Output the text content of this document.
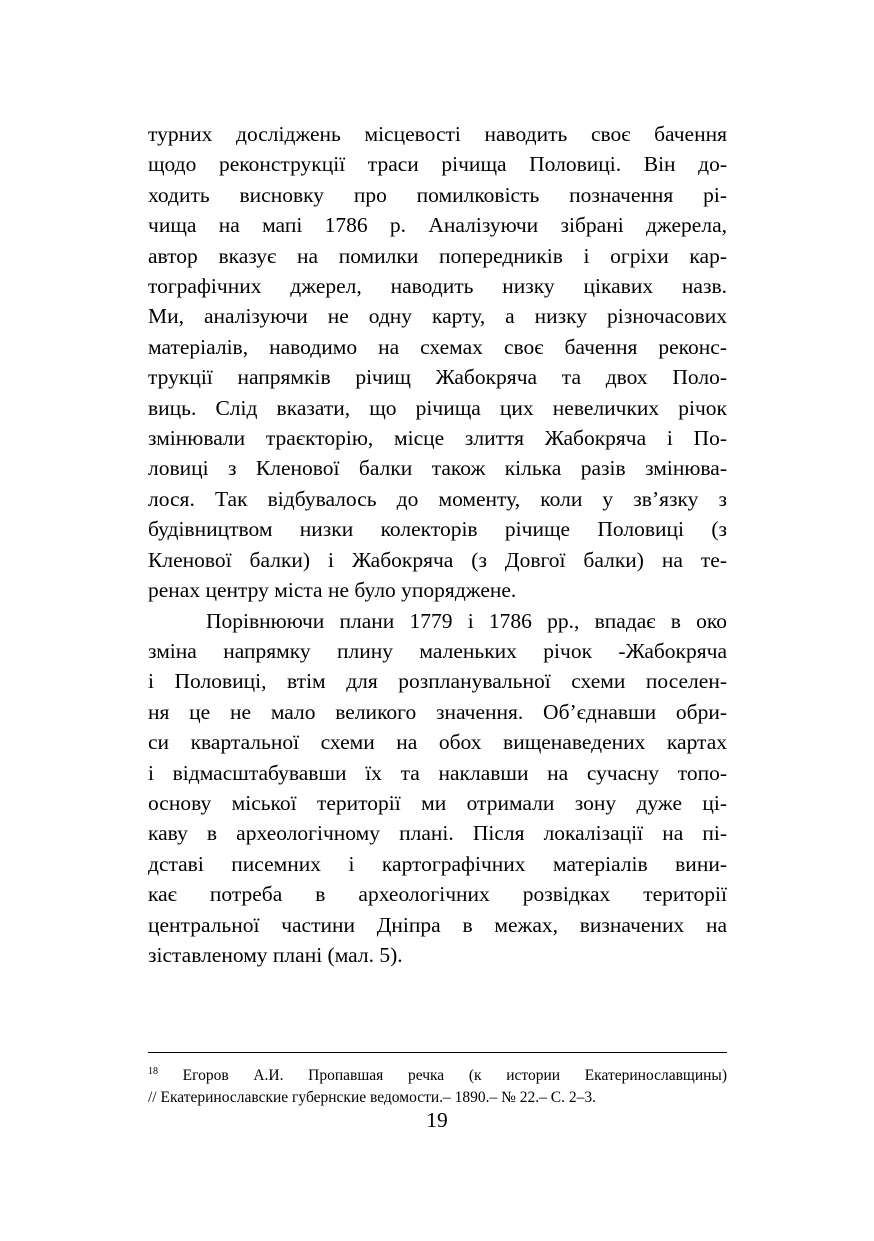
турних досліджень місцевості наводить своє бачення
щодо реконструкції траси річища Половиці. Він до-
ходить висновку про помилковість позначення рі-
чища на мапі 1786 р. Аналізуючи зібрані джерела,
автор вказує на помилки попередників і огріхи кар-
тографічних джерел, наводить низку цікавих назв.
Ми, аналізуючи не одну карту, а низку різночасових
матеріалів, наводимо на схемах своє бачення реконс-
трукції напрямків річищ Жабокряча та двох Поло-
виць. Слід вказати, що річища цих невеличких річок
змінювали траєкторію, місце злиття Жабокряча і По-
ловиці з Кленової балки також кілька разів змінюва-
лося. Так відбувалось до моменту, коли у зв’язку з
будівництвом низки колекторів річище Половиці (з
Кленової балки) і Жабокряча (з Довгої балки) на те-
ренах центру міста не було упорядженe.
Порівнюючи плани 1779 і 1786 рр., впадає в око
зміна напрямку плину маленьких річок -Жабокряча
і Половиці, втім для розпланувальної схеми поселен-
ня це не мало великого значення. Об’єднавши обри-
си квартальної схеми на обох вищенаведених картах
і відмасштабувавши їх та наклавши на сучасну топо-
основу міської території ми отримали зону дуже ці-
каву в археологічному плані. Після локалізації на пі-
дставі писемних і картографічних матеріалів вини-
кає потреба в археологічних розвідках території
центральної частини Дніпра в межах, визначених на
зіставленому плані (мал. 5).
$^{18}$ Егоров А.И. Пропавшая речка (к истории Екатеринославщины)
// Екатеринославские губернские ведомости.– 1890.– № 22.– С. 2–3.
19
